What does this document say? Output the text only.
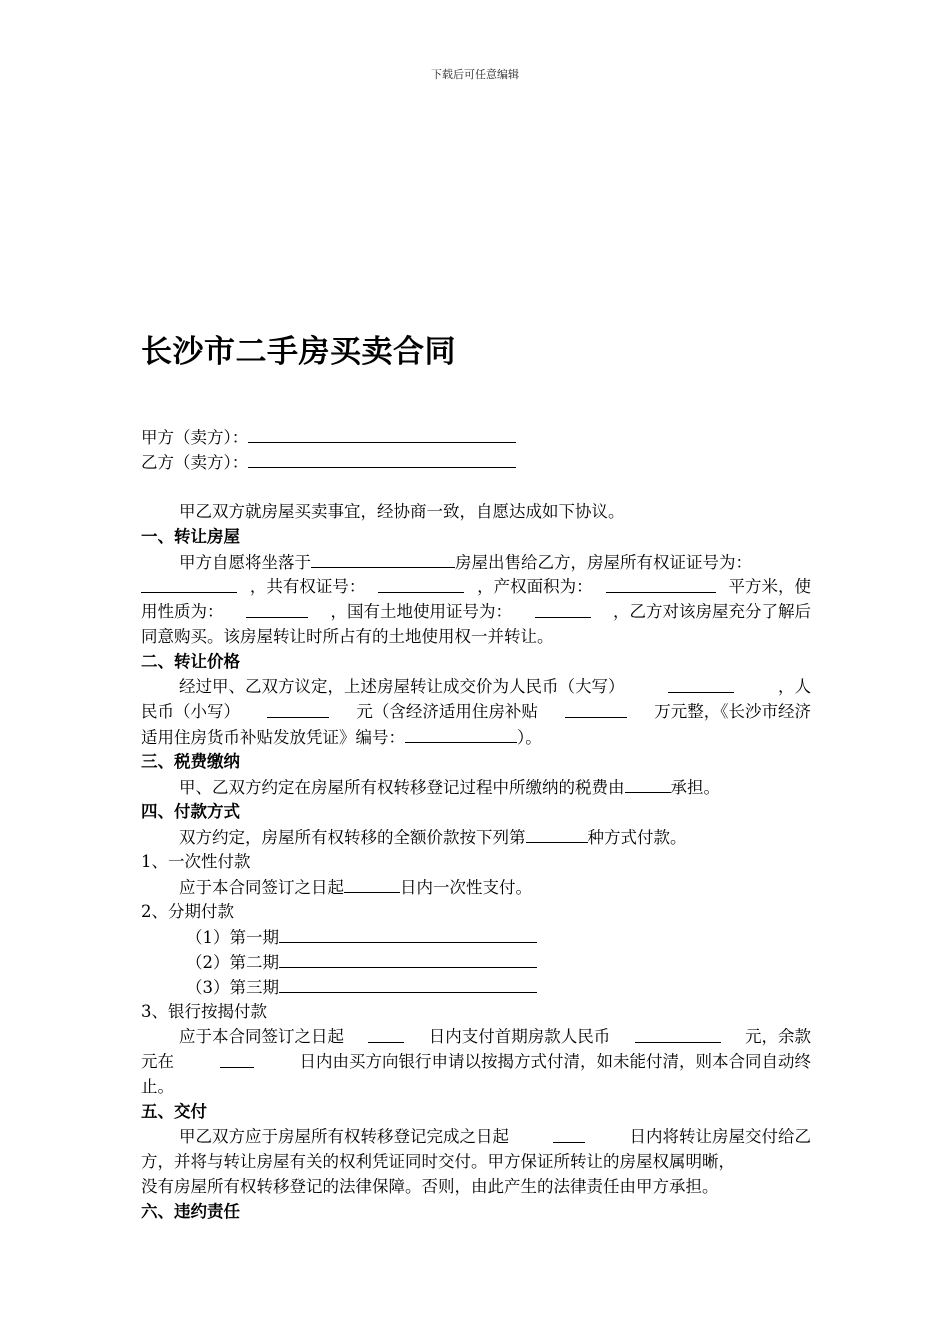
下载后可任意编辑
长沙市二手房买卖合同
甲方（卖方）：
乙方（卖方）：
甲乙双方就房屋买卖事宜，经协商一致，自愿达成如下协议。
一、转让房屋
甲方自愿将坐落于	房屋出售给乙方，房屋所有权证证号为：
，共有权证号：	，产权面积为：	平方米，使
用性质为：	，国有土地使用证号为：	，乙方对该房屋充分了解后
同意购买。该房屋转让时所占有的土地使用权一并转让。
二、转让价格
经过甲、乙双方议定，上述房屋转让成交价为人民币（大写）	，人
民币（小写）	元（含经济适用住房补贴	万元整，《长沙市经济
适用住房货币补贴发放凭证》编号：	）。
三、税费缴纳
甲、乙双方约定在房屋所有权转移登记过程中所缴纳的税费由	承担。
四、付款方式
双方约定，房屋所有权转移的全额价款按下列第	种方式付款。
1、一次性付款
应于本合同签订之日起	日内一次性支付。
2、分期付款
（1）第一期
（2）第二期
（3）第三期
3、银行按揭付款
应于本合同签订之日起	日内支付首期房款人民币	元，余款
元在	日内由买方向银行申请以按揭方式付清，如未能付清，则本合同自动终
止。
五、交付
甲乙双方应于房屋所有权转移登记完成之日起	日内将转让房屋交付给乙
方，并将与转让房屋有关的权利凭证同时交付。甲方保证所转让的房屋权属明晰，
没有房屋所有权转移登记的法律保障。否则，由此产生的法律责任由甲方承担。
六、违约责任
